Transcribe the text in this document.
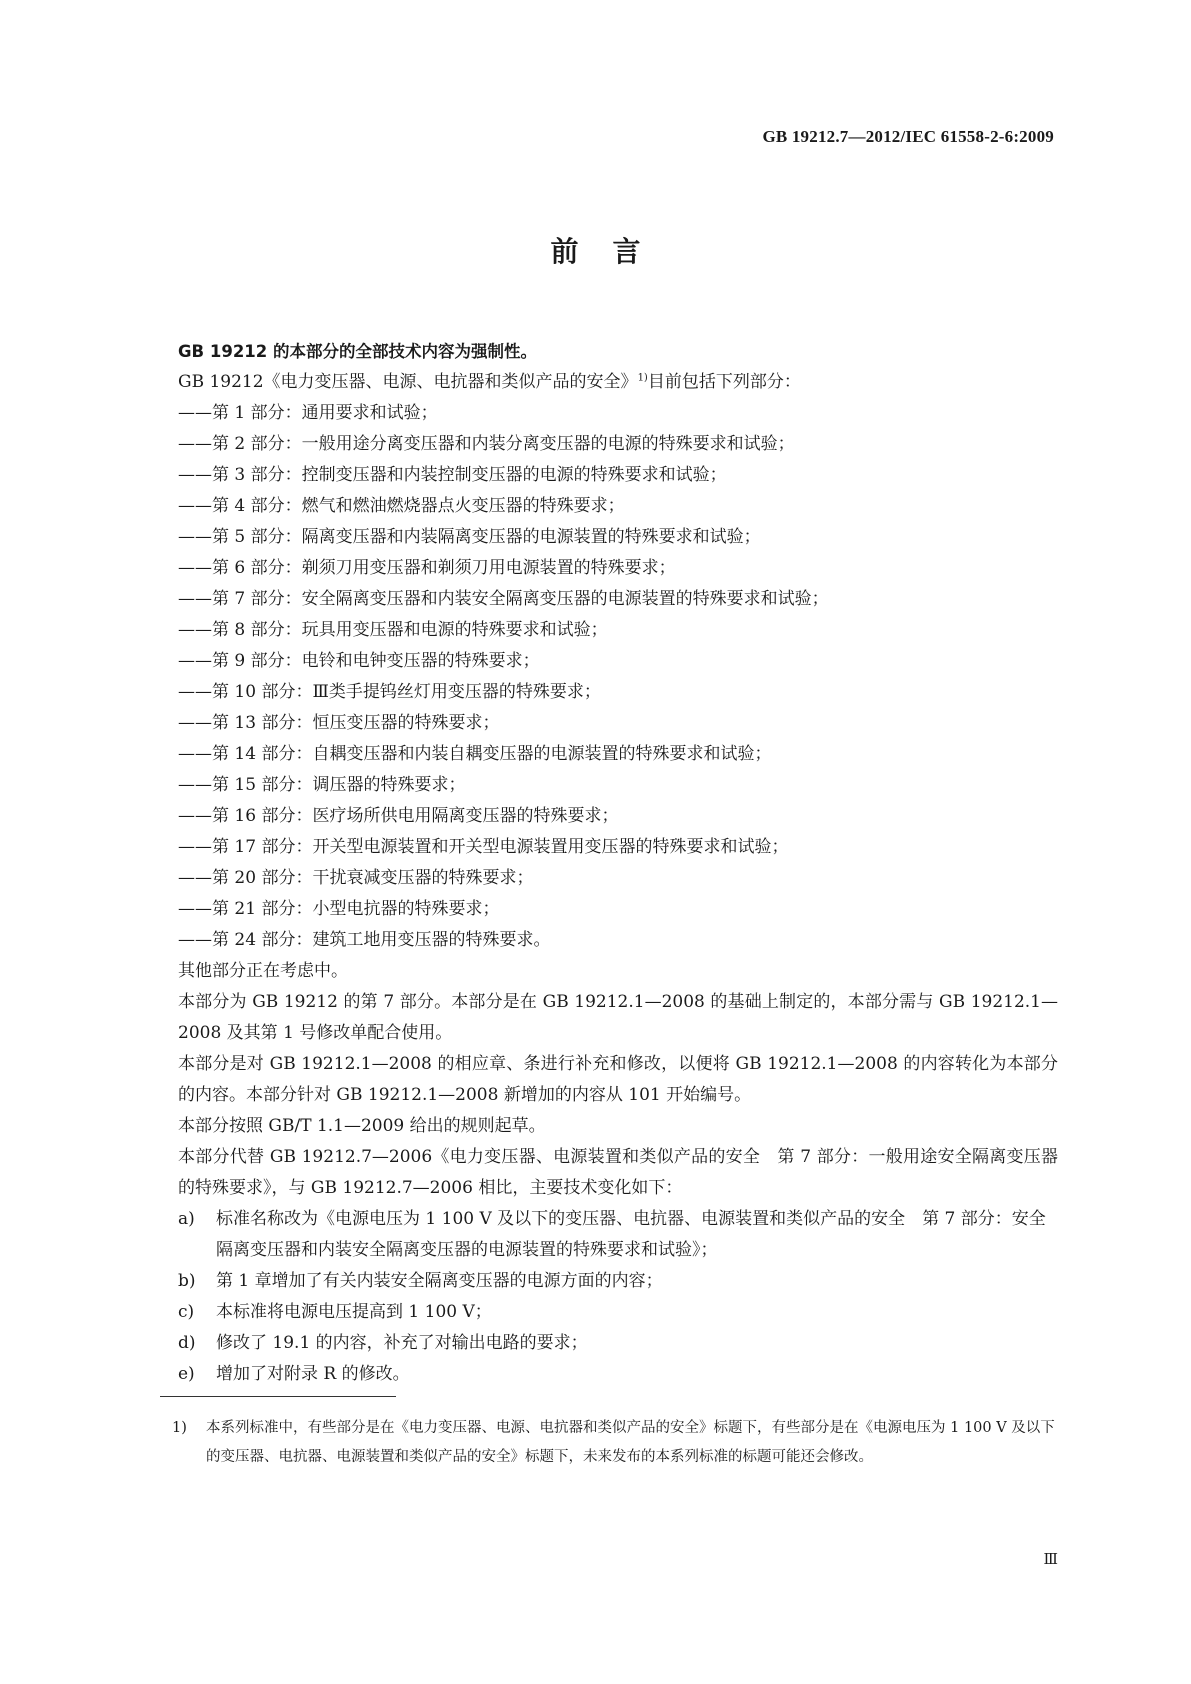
GB 19212.7—2012/IEC 61558-2-6:2009
前言
GB 19212 的本部分的全部技术内容为强制性。
GB 19212《电力变压器、电源、电抗器和类似产品的安全》$^{1)}$目前包括下列部分：
——第 1 部分：通用要求和试验；
——第 2 部分：一般用途分离变压器和内装分离变压器的电源的特殊要求和试验；
——第 3 部分：控制变压器和内装控制变压器的电源的特殊要求和试验；
——第 4 部分：燃气和燃油燃烧器点火变压器的特殊要求；
——第 5 部分：隔离变压器和内装隔离变压器的电源装置的特殊要求和试验；
——第 6 部分：剃须刀用变压器和剃须刀用电源装置的特殊要求；
——第 7 部分：安全隔离变压器和内装安全隔离变压器的电源装置的特殊要求和试验；
——第 8 部分：玩具用变压器和电源的特殊要求和试验；
——第 9 部分：电铃和电钟变压器的特殊要求；
——第 10 部分：Ⅲ类手提钨丝灯用变压器的特殊要求；
——第 13 部分：恒压变压器的特殊要求；
——第 14 部分：自耦变压器和内装自耦变压器的电源装置的特殊要求和试验；
——第 15 部分：调压器的特殊要求；
——第 16 部分：医疗场所供电用隔离变压器的特殊要求；
——第 17 部分：开关型电源装置和开关型电源装置用变压器的特殊要求和试验；
——第 20 部分：干扰衰减变压器的特殊要求；
——第 21 部分：小型电抗器的特殊要求；
——第 24 部分：建筑工地用变压器的特殊要求。
其他部分正在考虑中。
本部分为 GB 19212 的第 7 部分。本部分是在 GB 19212.1—2008 的基础上制定的，本部分需与 GB 19212.1—2008 及其第 1 号修改单配合使用。
本部分是对 GB 19212.1—2008 的相应章、条进行补充和修改，以便将 GB 19212.1—2008 的内容转化为本部分的内容。本部分针对 GB 19212.1—2008 新增加的内容从 101 开始编号。
本部分按照 GB/T 1.1—2009 给出的规则起草。
本部分代替 GB 19212.7—2006《电力变压器、电源装置和类似产品的安全　第 7 部分：一般用途安全隔离变压器的特殊要求》，与 GB 19212.7—2006 相比，主要技术变化如下：
a)	标准名称改为《电源电压为 1 100 V 及以下的变压器、电抗器、电源装置和类似产品的安全　第 7 部分：安全隔离变压器和内装安全隔离变压器的电源装置的特殊要求和试验》；
b)	第 1 章增加了有关内装安全隔离变压器的电源方面的内容；
c)	本标准将电源电压提高到 1 100 V；
d)	修改了 19.1 的内容，补充了对输出电路的要求；
e)	增加了对附录 R 的修改。
1)	本系列标准中，有些部分是在《电力变压器、电源、电抗器和类似产品的安全》标题下，有些部分是在《电源电压为 1 100 V 及以下的变压器、电抗器、电源装置和类似产品的安全》标题下，未来发布的本系列标准的标题可能还会修改。
Ⅲ
